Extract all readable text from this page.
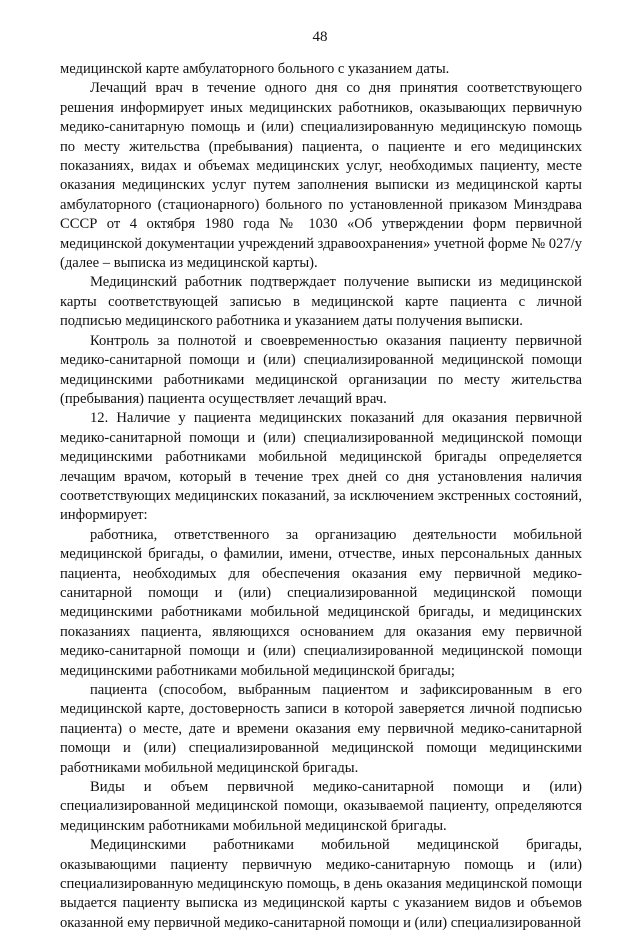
48

медицинской карте амбулаторного больного с указанием даты.

Лечащий врач в течение одного дня со дня принятия соответствующего решения информирует иных медицинских работников, оказывающих первичную медико-санитарную помощь и (или) специализированную медицинскую помощь по месту жительства (пребывания) пациента, о пациенте и его медицинских показаниях, видах и объемах медицинских услуг, необходимых пациенту, месте оказания медицинских услуг путем заполнения выписки из медицинской карты амбулаторного (стационарного) больного по установленной приказом Минздрава СССР от 4 октября 1980 года № 1030 «Об утверждении форм первичной медицинской документации учреждений здравоохранения» учетной форме № 027/у (далее – выписка из медицинской карты).

Медицинский работник подтверждает получение выписки из медицинской карты соответствующей записью в медицинской карте пациента с личной подписью медицинского работника и указанием даты получения выписки.

Контроль за полнотой и своевременностью оказания пациенту первичной медико-санитарной помощи и (или) специализированной медицинской помощи медицинскими работниками медицинской организации по месту жительства (пребывания) пациента осуществляет лечащий врач.

12. Наличие у пациента медицинских показаний для оказания первичной медико-санитарной помощи и (или) специализированной медицинской помощи медицинскими работниками мобильной медицинской бригады определяется лечащим врачом, который в течение трех дней со дня установления наличия соответствующих медицинских показаний, за исключением экстренных состояний, информирует:

работника, ответственного за организацию деятельности мобильной медицинской бригады, о фамилии, имени, отчестве, иных персональных данных пациента, необходимых для обеспечения оказания ему первичной медико-санитарной помощи и (или) специализированной медицинской помощи медицинскими работниками мобильной медицинской бригады, и медицинских показаниях пациента, являющихся основанием для оказания ему первичной медико-санитарной помощи и (или) специализированной медицинской помощи медицинскими работниками мобильной медицинской бригады;

пациента (способом, выбранным пациентом и зафиксированным в его медицинской карте, достоверность записи в которой заверяется личной подписью пациента) о месте, дате и времени оказания ему первичной медико-санитарной помощи и (или) специализированной медицинской помощи медицинскими работниками мобильной медицинской бригады.

Виды и объем первичной медико-санитарной помощи и (или) специализированной медицинской помощи, оказываемой пациенту, определяются медицинским работниками мобильной медицинской бригады.

Медицинскими работниками мобильной медицинской бригады, оказывающими пациенту первичную медико-санитарную помощь и (или) специализированную медицинскую помощь, в день оказания медицинской помощи выдается пациенту выписка из медицинской карты с указанием видов и объемов оказанной ему первичной медико-санитарной помощи и (или) специализированной
